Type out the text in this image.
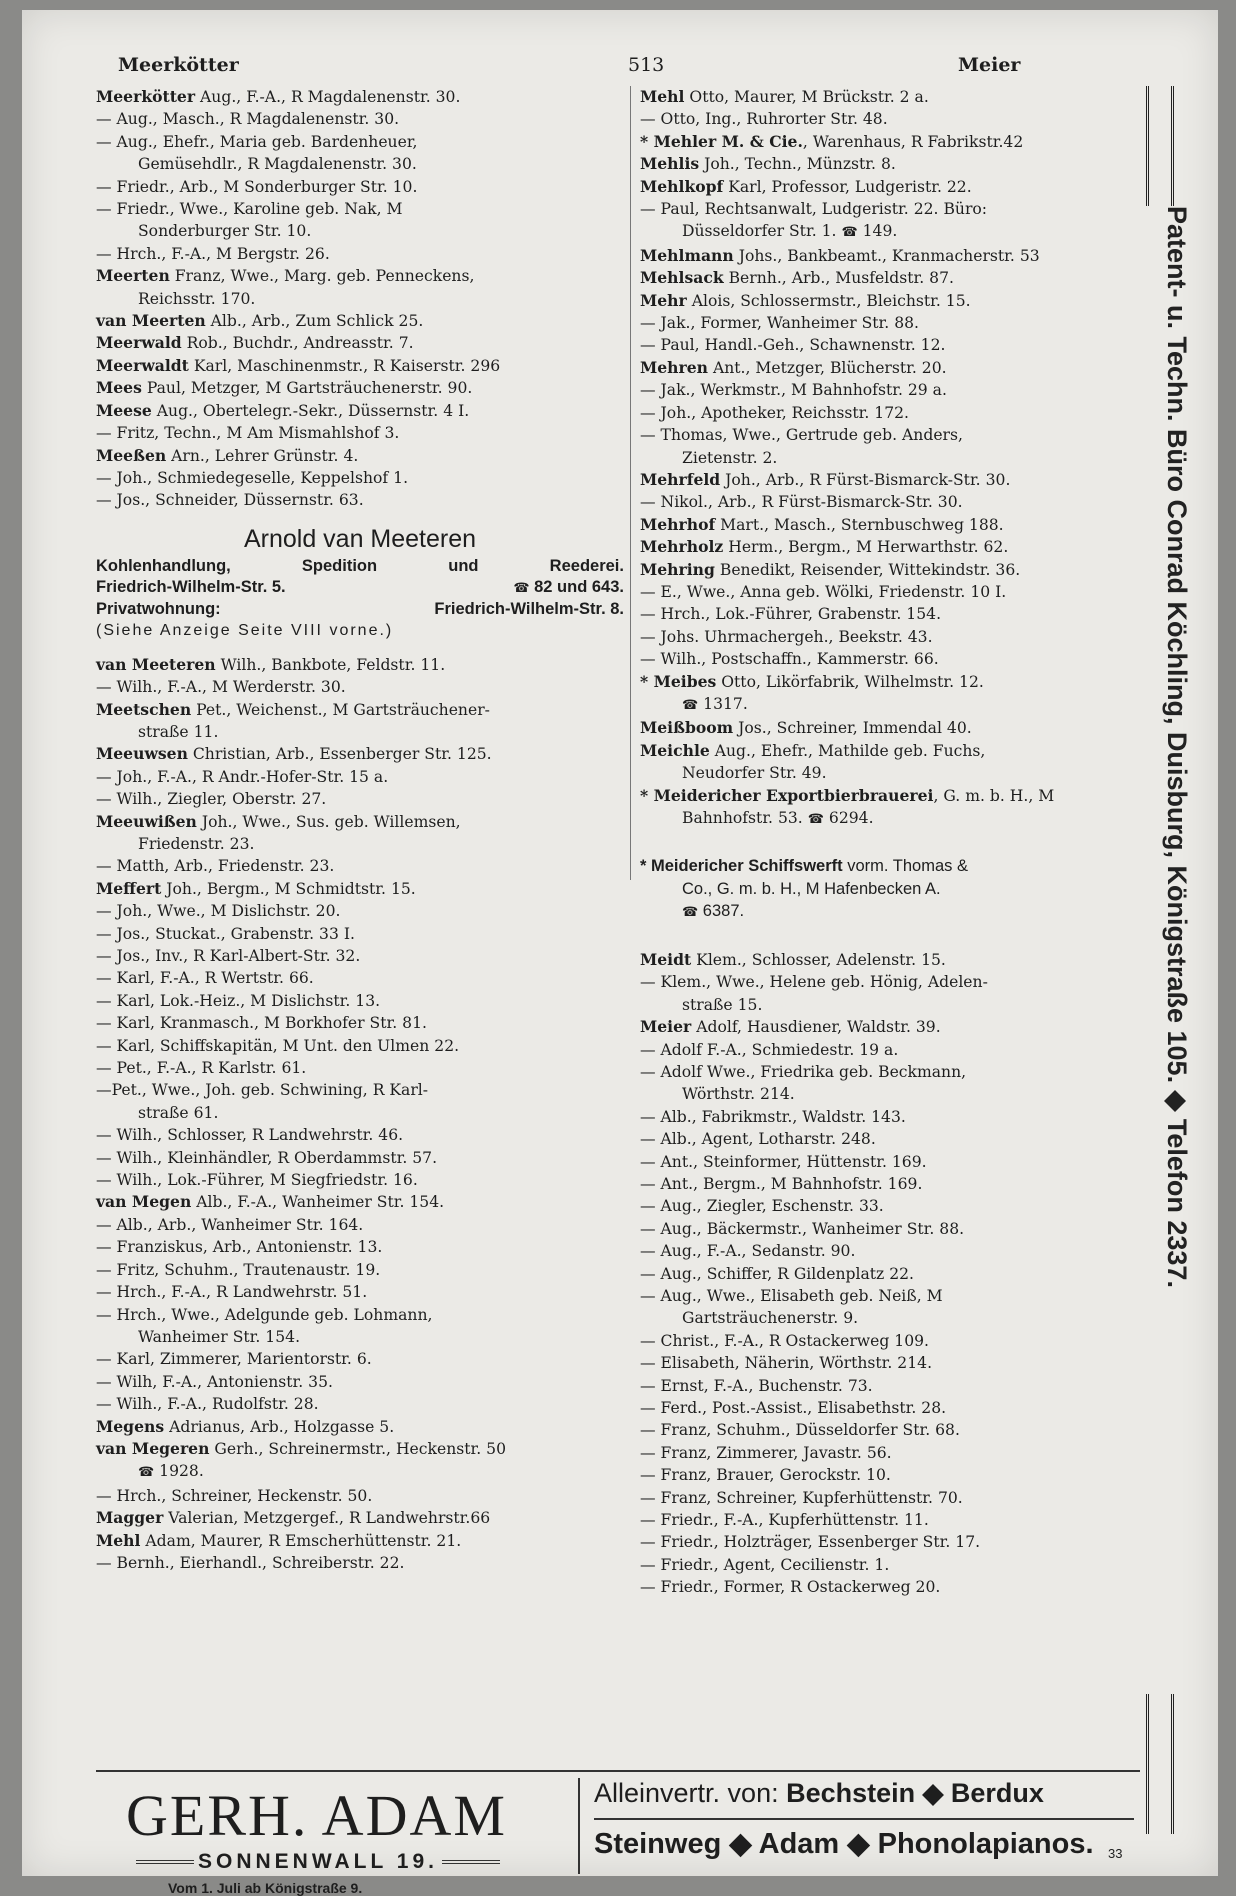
Meerkötter	513	Meier
Meerkötter Aug., F.-A., R Magdalenenstr. 30.
— Aug., Masch., R Magdalenenstr. 30.
— Aug., Ehefr., Maria geb. Bardenheuer,
Gemüsehdlr., R Magdalenenstr. 30.
— Friedr., Arb., M Sonderburger Str. 10.
— Friedr., Wwe., Karoline geb. Nak, M
Sonderburger Str. 10.
— Hrch., F.-A., M Bergstr. 26.
Meerten Franz, Wwe., Marg. geb. Penneckens,
Reichsstr. 170.
van Meerten Alb., Arb., Zum Schlick 25.
Meerwald Rob., Buchdr., Andreasstr. 7.
Meerwaldt Karl, Maschinenmstr., R Kaiserstr. 296
Mees Paul, Metzger, M Gartsträuchenerstr. 90.
Meese Aug., Obertelegr.-Sekr., Düssernstr. 4 I.
— Fritz, Techn., M Am Mismahlshof 3.
Meeßen Arn., Lehrer Grünstr. 4.
— Joh., Schmiedegeselle, Keppelshof 1.
— Jos., Schneider, Düssernstr. 63.
Arnold van Meeteren
Kohlenhandlung,	Spedition	und	Reederei.
Friedrich-Wilhelm-Str. 5.	☎ 82 und 643.
Privatwohnung:	Friedrich-Wilhelm-Str. 8.
(Siehe Anzeige Seite VIII vorne.)
van Meeteren Wilh., Bankbote, Feldstr. 11.
— Wilh., F.-A., M Werderstr. 30.
Meetschen Pet., Weichenst., M Gartsträuchener-
straße 11.
Meeuwsen Christian, Arb., Essenberger Str. 125.
— Joh., F.-A., R Andr.-Hofer-Str. 15 a.
— Wilh., Ziegler, Oberstr. 27.
Meeuwißen Joh., Wwe., Sus. geb. Willemsen,
Friedenstr. 23.
— Matth, Arb., Friedenstr. 23.
Meffert Joh., Bergm., M Schmidtstr. 15.
— Joh., Wwe., M Dislichstr. 20.
— Jos., Stuckat., Grabenstr. 33 I.
— Jos., Inv., R Karl-Albert-Str. 32.
— Karl, F.-A., R Wertstr. 66.
— Karl, Lok.-Heiz., M Dislichstr. 13.
— Karl, Kranmasch., M Borkhofer Str. 81.
— Karl, Schiffskapitän, M Unt. den Ulmen 22.
— Pet., F.-A., R Karlstr. 61.
—Pet., Wwe., Joh. geb. Schwining, R Karl-
straße 61.
— Wilh., Schlosser, R Landwehrstr. 46.
— Wilh., Kleinhändler, R Oberdammstr. 57.
— Wilh., Lok.-Führer, M Siegfriedstr. 16.
van Megen Alb., F.-A., Wanheimer Str. 154.
— Alb., Arb., Wanheimer Str. 164.
— Franziskus, Arb., Antonienstr. 13.
— Fritz, Schuhm., Trautenaustr. 19.
— Hrch., F.-A., R Landwehrstr. 51.
— Hrch., Wwe., Adelgunde geb. Lohmann,
Wanheimer Str. 154.
— Karl, Zimmerer, Marientorstr. 6.
— Wilh, F.-A., Antonienstr. 35.
— Wilh., F.-A., Rudolfstr. 28.
Megens Adrianus, Arb., Holzgasse 5.
van Megeren Gerh., Schreinermstr., Heckenstr. 50
☎ 1928.
— Hrch., Schreiner, Heckenstr. 50.
Magger Valerian, Metzgergef., R Landwehrstr.66
Mehl Adam, Maurer, R Emscherhüttenstr. 21.
— Bernh., Eierhandl., Schreiberstr. 22.
Mehl Otto, Maurer, M Brückstr. 2 a.
— Otto, Ing., Ruhrorter Str. 48.
* Mehler M. & Cie., Warenhaus, R Fabrikstr.42
Mehlis Joh., Techn., Münzstr. 8.
Mehlkopf Karl, Professor, Ludgeristr. 22.
— Paul, Rechtsanwalt, Ludgeristr. 22. Büro:
Düsseldorfer Str. 1. ☎ 149.
Mehlmann Johs., Bankbeamt., Kranmacherstr. 53
Mehlsack Bernh., Arb., Musfeldstr. 87.
Mehr Alois, Schlossermstr., Bleichstr. 15.
— Jak., Former, Wanheimer Str. 88.
— Paul, Handl.-Geh., Schawnenstr. 12.
Mehren Ant., Metzger, Blücherstr. 20.
— Jak., Werkmstr., M Bahnhofstr. 29 a.
— Joh., Apotheker, Reichsstr. 172.
— Thomas, Wwe., Gertrude geb. Anders,
Zietenstr. 2.
Mehrfeld Joh., Arb., R Fürst-Bismarck-Str. 30.
— Nikol., Arb., R Fürst-Bismarck-Str. 30.
Mehrhof Mart., Masch., Sternbuschweg 188.
Mehrholz Herm., Bergm., M Herwarthstr. 62.
Mehring Benedikt, Reisender, Wittekindstr. 36.
— E., Wwe., Anna geb. Wölki, Friedenstr. 10 I.
— Hrch., Lok.-Führer, Grabenstr. 154.
— Johs. Uhrmachergeh., Beekstr. 43.
— Wilh., Postschaffn., Kammerstr. 66.
* Meibes Otto, Likörfabrik, Wilhelmstr. 12.
☎ 1317.
Meißboom Jos., Schreiner, Immendal 40.
Meichle Aug., Ehefr., Mathilde geb. Fuchs,
Neudorfer Str. 49.
* Meidericher Exportbierbrauerei, G. m. b. H., M
Bahnhofstr. 53. ☎ 6294.
* Meidericher Schiffswerft vorm. Thomas &
Co., G. m. b. H., M Hafenbecken A.
☎ 6387.
Meidt Klem., Schlosser, Adelenstr. 15.
— Klem., Wwe., Helene geb. Hönig, Adelen-
straße 15.
Meier Adolf, Hausdiener, Waldstr. 39.
— Adolf F.-A., Schmiedestr. 19 a.
— Adolf Wwe., Friedrika geb. Beckmann,
Wörthstr. 214.
— Alb., Fabrikmstr., Waldstr. 143.
— Alb., Agent, Lotharstr. 248.
— Ant., Steinformer, Hüttenstr. 169.
— Ant., Bergm., M Bahnhofstr. 169.
— Aug., Ziegler, Eschenstr. 33.
— Aug., Bäckermstr., Wanheimer Str. 88.
— Aug., F.-A., Sedanstr. 90.
— Aug., Schiffer, R Gildenplatz 22.
— Aug., Wwe., Elisabeth geb. Neiß, M
Gartsträuchenerstr. 9.
— Christ., F.-A., R Ostackerweg 109.
— Elisabeth, Näherin, Wörthstr. 214.
— Ernst, F.-A., Buchenstr. 73.
— Ferd., Post.-Assist., Elisabethstr. 28.
— Franz, Schuhm., Düsseldorfer Str. 68.
— Franz, Zimmerer, Javastr. 56.
— Franz, Brauer, Gerockstr. 10.
— Franz, Schreiner, Kupferhüttenstr. 70.
— Friedr., F.-A., Kupferhüttenstr. 11.
— Friedr., Holzträger, Essenberger Str. 17.
— Friedr., Agent, Cecilienstr. 1.
— Friedr., Former, R Ostackerweg 20.
Patent- u. Techn. Büro Conrad Köchling, Duisburg, Königstraße 105. ◆ Telefon 2337.
GERH. ADAM
SONNENWALL 19.
Vom 1. Juli ab Königstraße 9.
Alleinvertr. von: Bechstein ◆ Berdux
Steinweg ◆ Adam ◆ Phonolapianos. 33
